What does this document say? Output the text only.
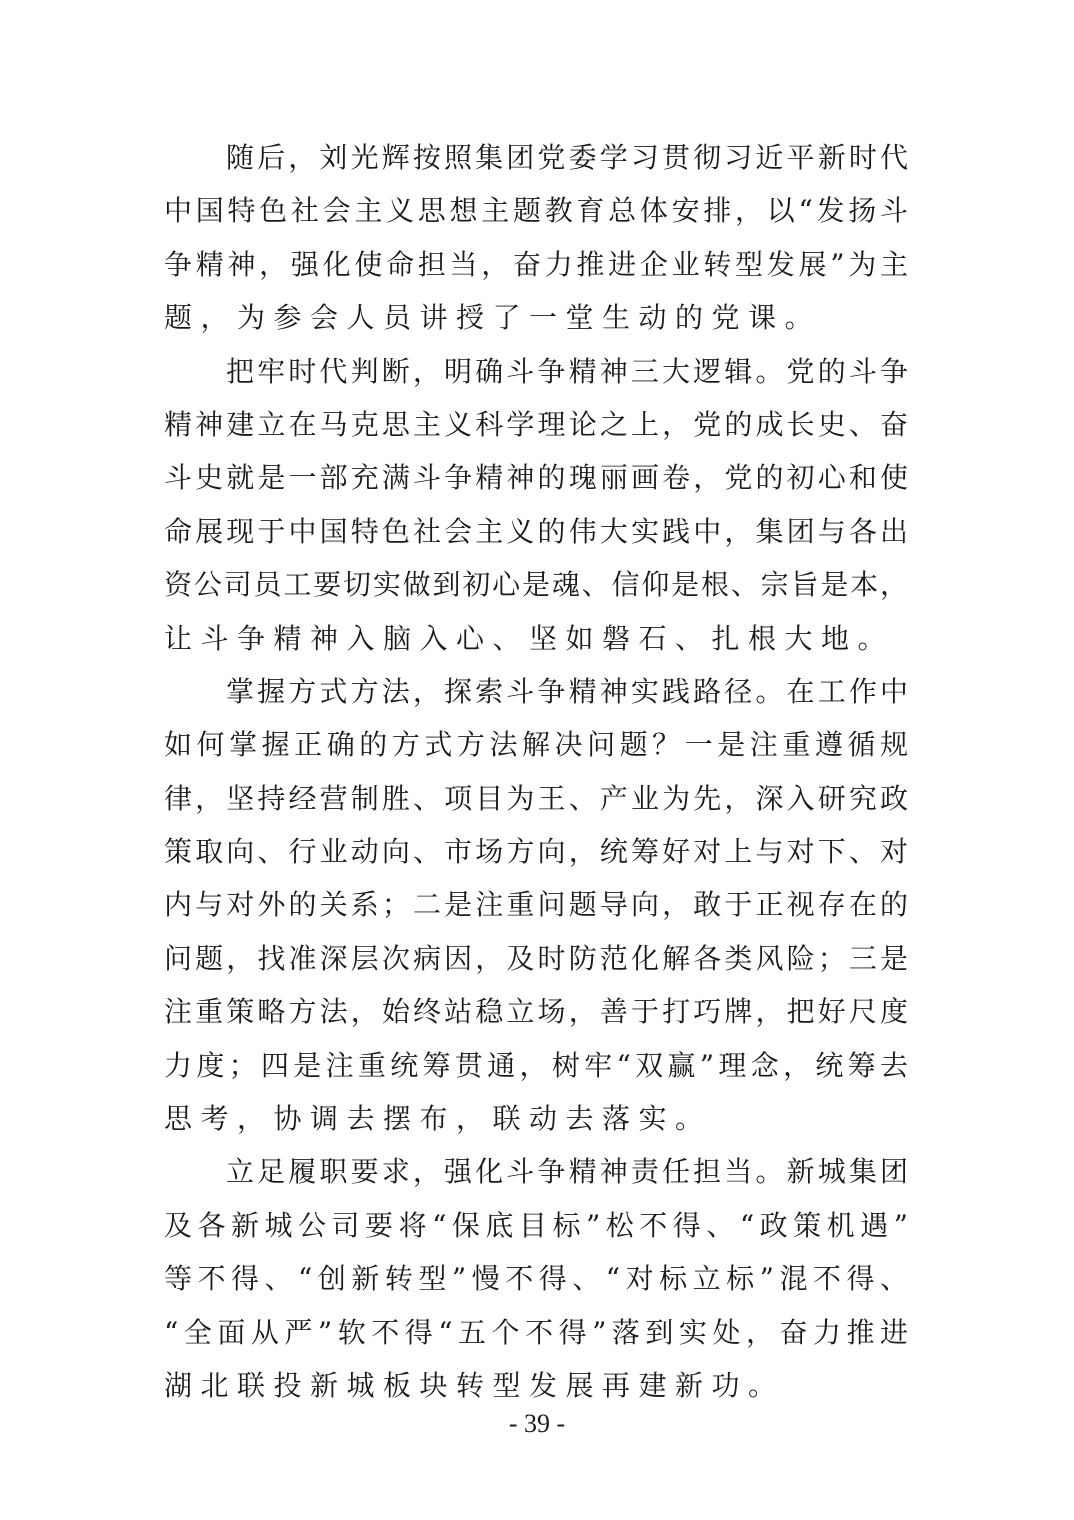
随后，刘光辉按照集团党委学习贯彻习近平新时代
中国特色社会主义思想主题教育总体安排，以“发扬斗
争精神，强化使命担当，奋力推进企业转型发展”为主
题，为参会人员讲授了一堂生动的党课。
把牢时代判断，明确斗争精神三大逻辑。党的斗争
精神建立在马克思主义科学理论之上，党的成长史、奋
斗史就是一部充满斗争精神的瑰丽画卷，党的初心和使
命展现于中国特色社会主义的伟大实践中，集团与各出
资公司员工要切实做到初心是魂、信仰是根、宗旨是本，
让斗争精神入脑入心、坚如磐石、扎根大地。
掌握方式方法，探索斗争精神实践路径。在工作中
如何掌握正确的方式方法解决问题？一是注重遵循规
律，坚持经营制胜、项目为王、产业为先，深入研究政
策取向、行业动向、市场方向，统筹好对上与对下、对
内与对外的关系；二是注重问题导向，敢于正视存在的
问题，找准深层次病因，及时防范化解各类风险；三是
注重策略方法，始终站稳立场，善于打巧牌，把好尺度
力度；四是注重统筹贯通，树牢“双赢”理念，统筹去
思考，协调去摆布，联动去落实。
立足履职要求，强化斗争精神责任担当。新城集团
及各新城公司要将“保底目标”松不得、“政策机遇”
等不得、“创新转型”慢不得、“对标立标”混不得、
“全面从严”软不得“五个不得”落到实处，奋力推进
湖北联投新城板块转型发展再建新功。
- 39 -
